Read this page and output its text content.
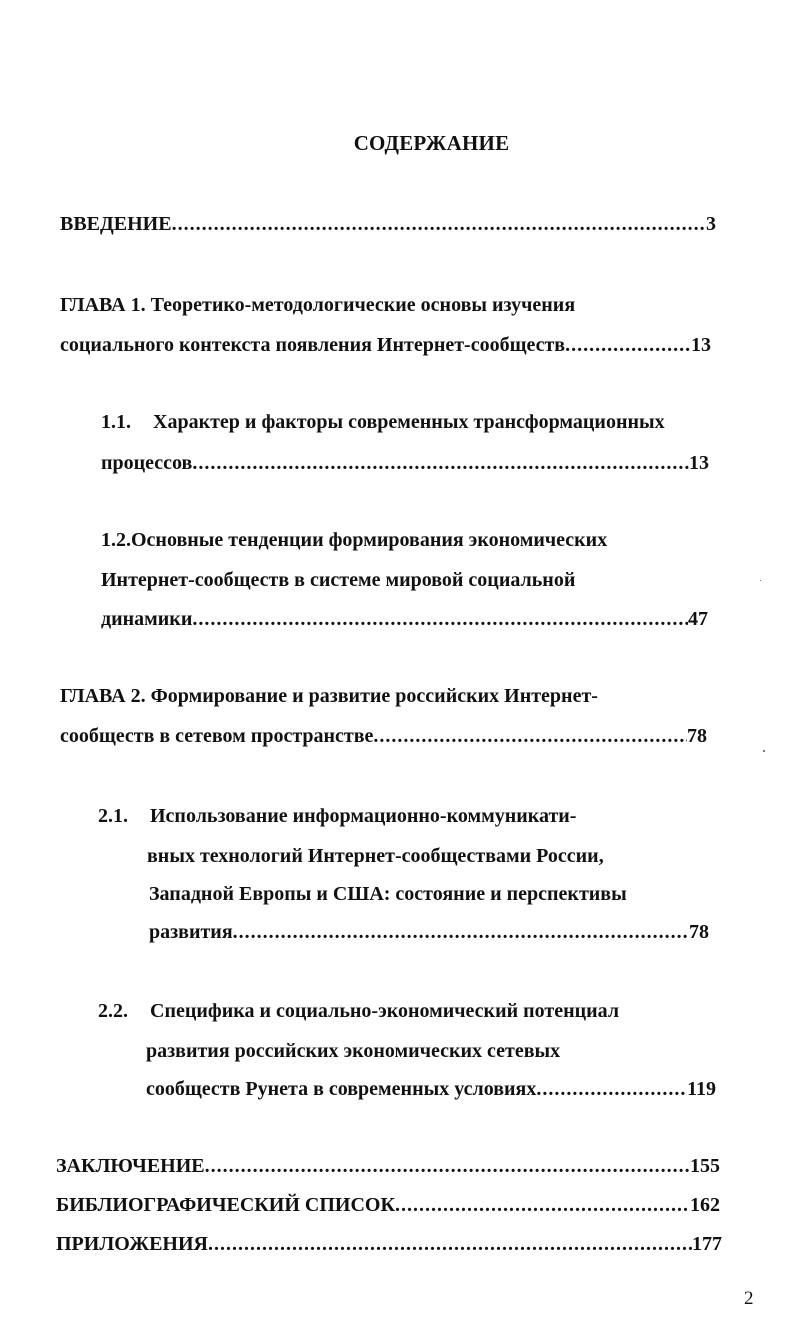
СОДЕРЖАНИЕ
ВВЕДЕНИЕ .....	3
ГЛАВА 1. Теоретико-методологические основы изучения
социального контекста появления Интернет-сообществ .....	13
1.1. Характер и факторы современных трансформационных
процессов .....	13
1.2.Основные тенденции формирования экономических
Интернет-сообществ в системе мировой социальной
динамики .....	47
ГЛАВА 2. Формирование и развитие российских Интернет-
сообществ в сетевом пространстве .....	78
2.1. Использование информационно-коммуникати-
вных технологий Интернет-сообществами России,
Западной Европы и США: состояние и перспективы
развития .....	78
2.2. Специфика и социально-экономический потенциал
развития российских экономических сетевых
сообществ Рунета в современных условиях .....	119
ЗАКЛЮЧЕНИЕ .....	155
БИБЛИОГРАФИЧЕСКИЙ СПИСОК .....	162
ПРИЛОЖЕНИЯ .....	177
2
